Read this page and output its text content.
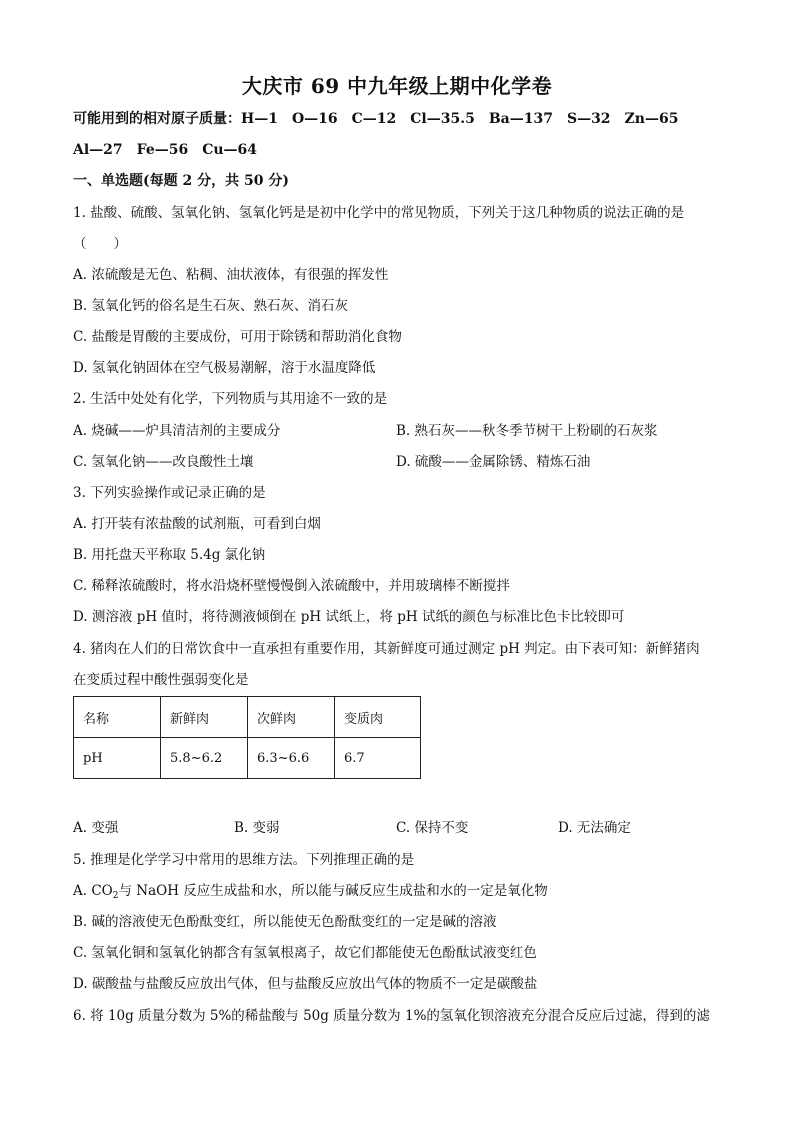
大庆市 69 中九年级上期中化学卷
可能用到的相对原子质量：H—1　O—16　C—12　Cl—35.5　Ba—137　S—32　Zn—65
Al—27　Fe—56　Cu—64
一、单选题(每题 2 分，共 50 分)
1. 盐酸、硫酸、氢氧化钠、氢氧化钙是是初中化学中的常见物质，下列关于这几种物质的说法正确的是
（　　）
A. 浓硫酸是无色、粘稠、油状液体，有很强的挥发性
B. 氢氧化钙的俗名是生石灰、熟石灰、消石灰
C. 盐酸是胃酸的主要成份，可用于除锈和帮助消化食物
D. 氢氧化钠固体在空气极易潮解，溶于水温度降低
2. 生活中处处有化学，下列物质与其用途不一致的是
A. 烧碱——炉具清洁剂的主要成分	B. 熟石灰——秋冬季节树干上粉刷的石灰浆
C. 氢氧化钠——改良酸性土壤	D. 硫酸——金属除锈、精炼石油
3. 下列实验操作或记录正确的是
A. 打开装有浓盐酸的试剂瓶，可看到白烟
B. 用托盘天平称取 5.4g 氯化钠
C. 稀释浓硫酸时，将水沿烧杯壁慢慢倒入浓硫酸中，并用玻璃棒不断搅拌
D. 测溶液 pH 值时，将待测液倾倒在 pH 试纸上，将 pH 试纸的颜色与标准比色卡比较即可
4. 猪肉在人们的日常饮食中一直承担有重要作用，其新鲜度可通过测定 pH 判定。由下表可知：新鲜猪肉
在变质过程中酸性强弱变化是
名称	新鲜肉	次鲜肉	变质肉
pH	5.8~6.2	6.3~6.6	6.7
A. 变强	B. 变弱	C. 保持不变	D. 无法确定
5. 推理是化学学习中常用的思维方法。下列推理正确的是
A. $CO_2$与 NaOH 反应生成盐和水，所以能与碱反应生成盐和水的一定是氧化物
B. 碱的溶液使无色酚酞变红，所以能使无色酚酞变红的一定是碱的溶液
C. 氢氧化铜和氢氧化钠都含有氢氧根离子，故它们都能使无色酚酞试液变红色
D. 碳酸盐与盐酸反应放出气体，但与盐酸反应放出气体的物质不一定是碳酸盐
6. 将 10g 质量分数为 5%的稀盐酸与 50g 质量分数为 1%的氢氧化钡溶液充分混合反应后过滤，得到的滤
